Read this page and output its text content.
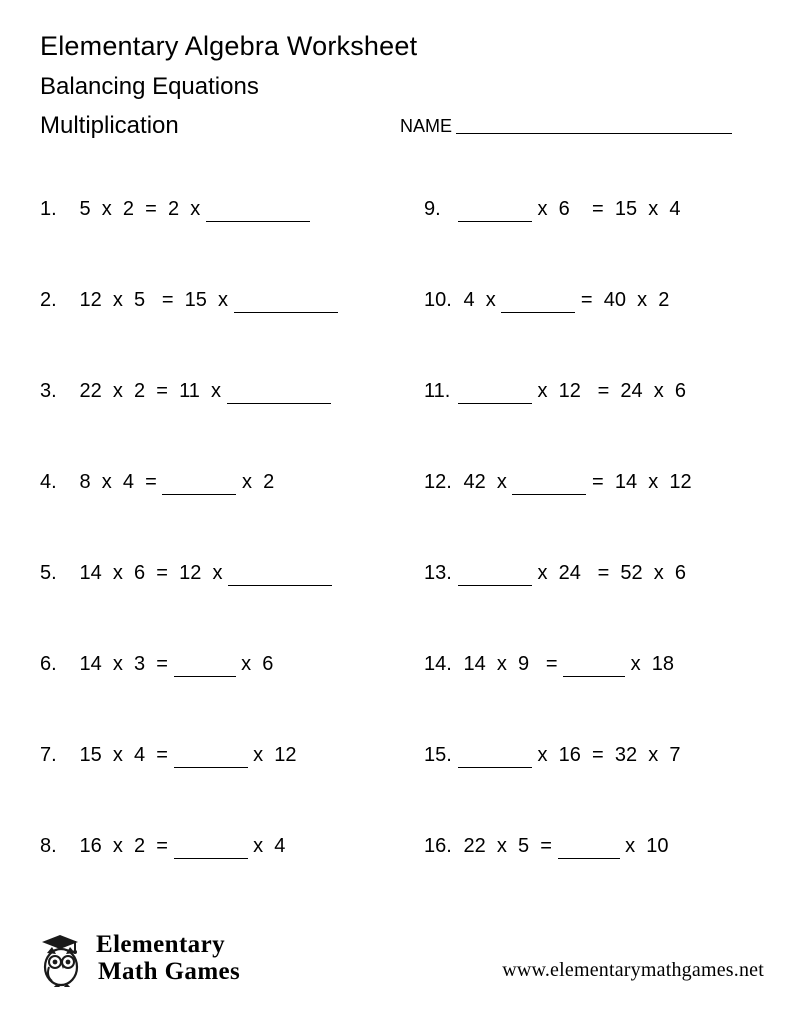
Elementary Algebra Worksheet
Balancing Equations
Multiplication	NAME
1. 5 x 2 = 2 x	9.	x 6 = 15 x 4
2. 12 x 5 = 15 x	10. 4 x	= 40 x 2
3. 22 x 2 = 11 x	11.	x 12 = 24 x 6
4. 8 x 4 =	x 2	12. 42 x	= 14 x 12
5. 14 x 6 = 12 x	13.	x 24 = 52 x 6
6. 14 x 3 =	x 6	14. 14 x 9 =	x 18
7. 15 x 4 =	x 12	15.	x 16 = 32 x 7
8. 16 x 2 =	x 4	16. 22 x 5 =	x 10
Elementary
Math Games	www.elementarymathgames.net
